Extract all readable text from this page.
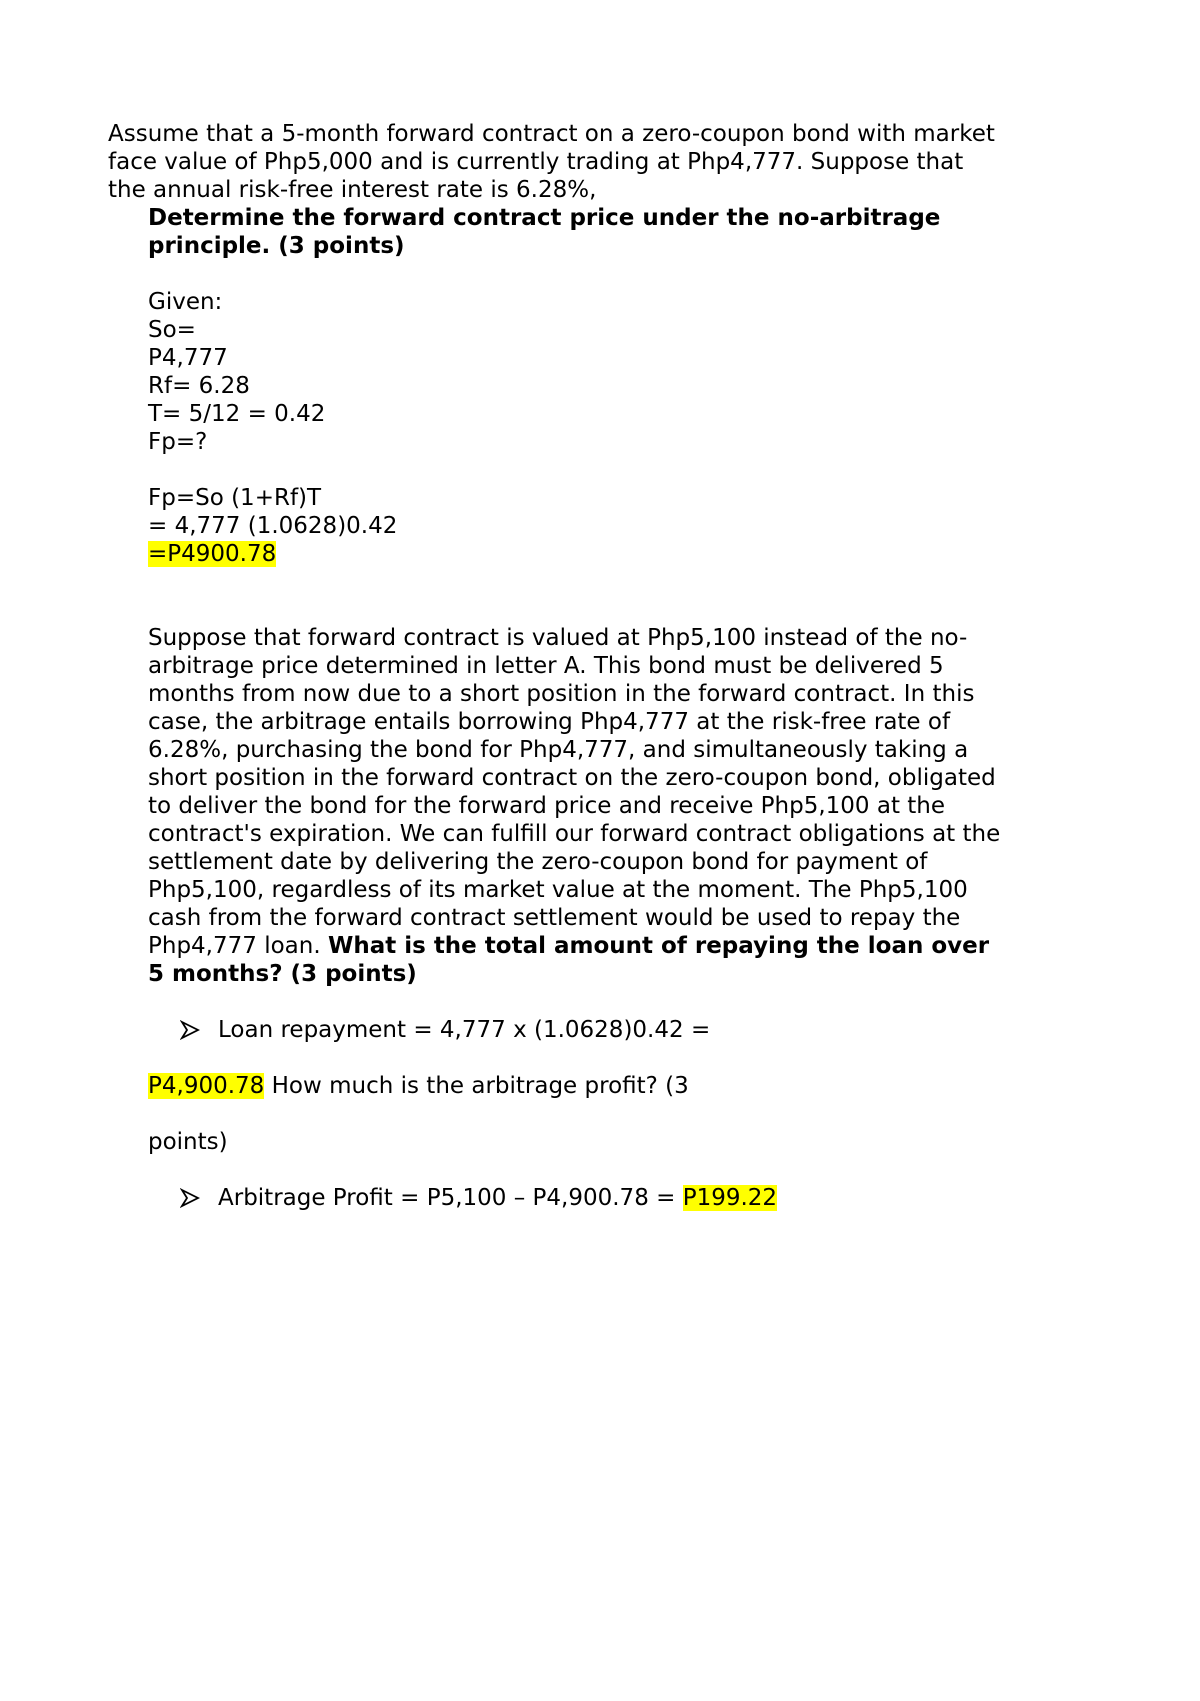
Assume that a 5-month forward contract on a zero-coupon bond with market

face value of Php5,000 and is currently trading at Php4,777. Suppose that

the annual risk-free interest rate is 6.28%,

Determine the forward contract price under the no-arbitrage

principle. (3 points)

Given:

So=

P4,777

Rf= 6.28

T= 5/12 = 0.42

Fp=?

Fp=So (1+Rf)T

= 4,777 (1.0628)0.42

=P4900.78

Suppose that forward contract is valued at Php5,100 instead of the no-

arbitrage price determined in letter A. This bond must be delivered 5

months from now due to a short position in the forward contract. In this

case, the arbitrage entails borrowing Php4,777 at the risk-free rate of

6.28%, purchasing the bond for Php4,777, and simultaneously taking a

short position in the forward contract on the zero-coupon bond, obligated

to deliver the bond for the forward price and receive Php5,100 at the

contract's expiration. We can fulfill our forward contract obligations at the

settlement date by delivering the zero-coupon bond for payment of

Php5,100, regardless of its market value at the moment. The Php5,100

cash from the forward contract settlement would be used to repay the

Php4,777 loan. What is the total amount of repaying the loan over

5 months? (3 points)

Loan repayment = 4,777 x (1.0628)0.42 =

P4,900.78 How much is the arbitrage profit? (3

points)

Arbitrage Profit = P5,100 – P4,900.78 = P199.22
